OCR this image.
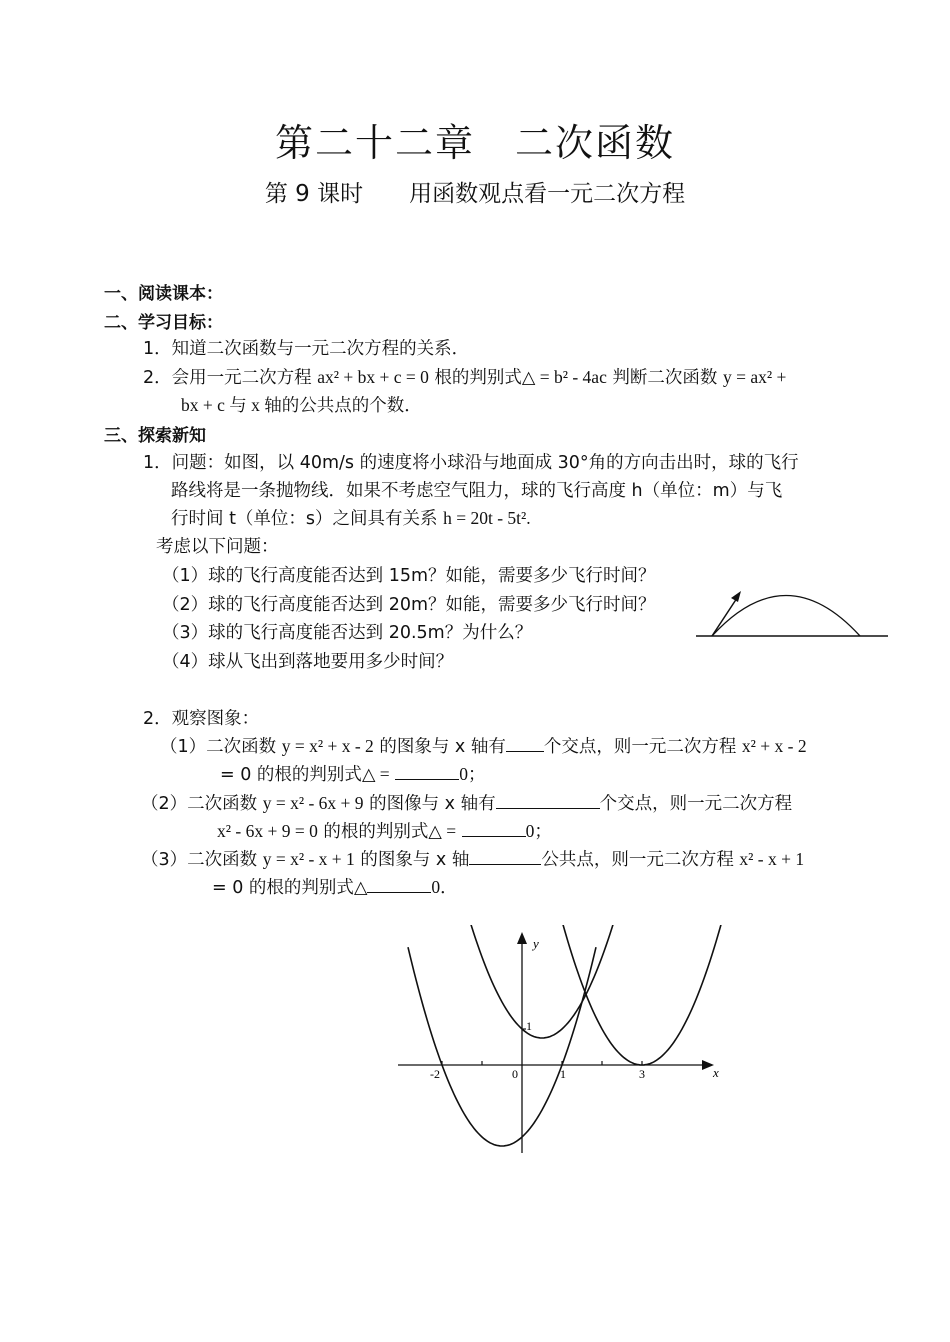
第二十二章　二次函数
第 9 课时　　用函数观点看一元二次方程
一、阅读课本：
二、学习目标：
1．知道二次函数与一元二次方程的关系．
2．会用一元二次方程 ax² + bx + c = 0 根的判别式△ = b² - 4ac 判断二次函数 y = ax² +
bx + c 与 x 轴的公共点的个数．
三、探索新知
1．问题：如图，以 40m/s 的速度将小球沿与地面成 30°角的方向击出时，球的飞行
路线将是一条抛物线．如果不考虑空气阻力，球的飞行高度 h（单位：m）与飞
行时间 t（单位：s）之间具有关系 h = 20t - 5t².
考虑以下问题：
（1）球的飞行高度能否达到 15m？如能，需要多少飞行时间？
（2）球的飞行高度能否达到 20m？如能，需要多少飞行时间？
（3）球的飞行高度能否达到 20.5m？为什么？
（4）球从飞出到落地要用多少时间？
2．观察图象：
（1）二次函数 y = x² + x - 2 的图象与 x 轴有 个交点，则一元二次方程 x² + x - 2
= 0 的根的判别式△ =	0；
（2）二次函数 y = x² - 6x + 9 的图像与 x 轴有	个交点，则一元二次方程
x² - 6x + 9 = 0 的根的判别式△ =	0；
（3）二次函数 y = x² - x + 1 的图象与 x 轴	公共点，则一元二次方程 x² - x + 1
= 0 的根的判别式△	0．
y
x
-2	0	1	3
1
